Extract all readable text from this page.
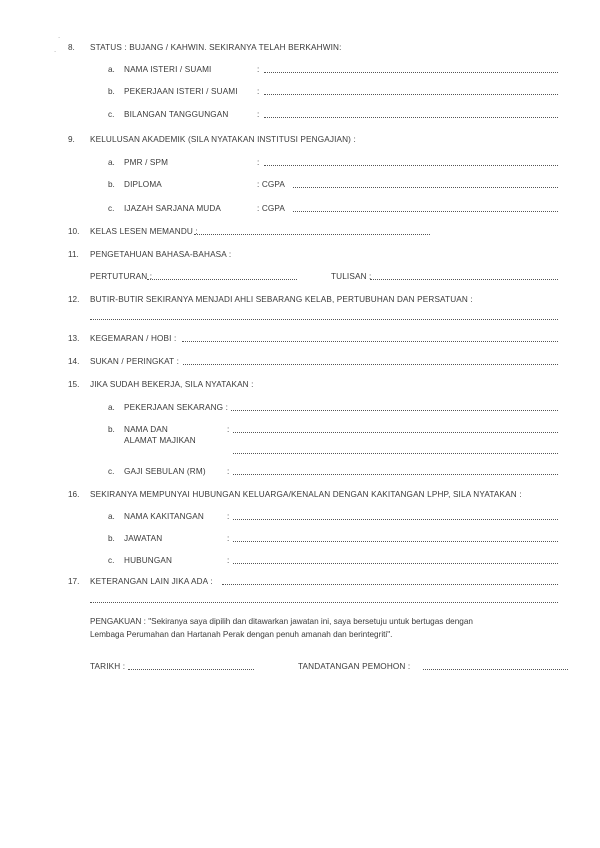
˙
˙
8. STATUS : BUJANG / KAHWIN. SEKIRANYA TELAH BERKAHWIN:
a. NAMA ISTERI / SUAMI	:
b. PEKERJAAN ISTERI / SUAMI :
c. BILANGAN TANGGUNGAN	:
9. KELULUSAN AKADEMIK (SILA NYATAKAN INSTITUSI PENGAJIAN) :
a. PMR / SPM	:
b. DIPLOMA	: CGPA
c. IJAZAH SARJANA MUDA	: CGPA
10. KELAS LESEN MEMANDU :
11. PENGETAHUAN BAHASA-BAHASA :
PERTUTURAN :	TULISAN :
12. BUTIR-BUTIR SEKIRANYA MENJADI AHLI SEBARANG KELAB, PERTUBUHAN DAN PERSATUAN :
13. KEGEMARAN / HOBI :
14. SUKAN / PERINGKAT :
15. JIKA SUDAH BEKERJA, SILA NYATAKAN :
a. PEKERJAAN SEKARANG :
b. NAMA DAN
ALAMAT MAJIKAN
:
c. GAJI SEBULAN (RM)	:
16. SEKIRANYA MEMPUNYAI HUBUNGAN KELUARGA/KENALAN DENGAN KAKITANGAN LPHP, SILA NYATAKAN :
a. NAMA KAKITANGAN	:
b. JAWATAN	:
c. HUBUNGAN	:
17. KETERANGAN LAIN JIKA ADA :
PENGAKUAN : "Sekiranya saya dipilih dan ditawarkan jawatan ini, saya bersetuju untuk bertugas dengan
Lembaga Perumahan dan Hartanah Perak dengan penuh amanah dan berintegriti".
TARIKH :	TANDATANGAN PEMOHON :
